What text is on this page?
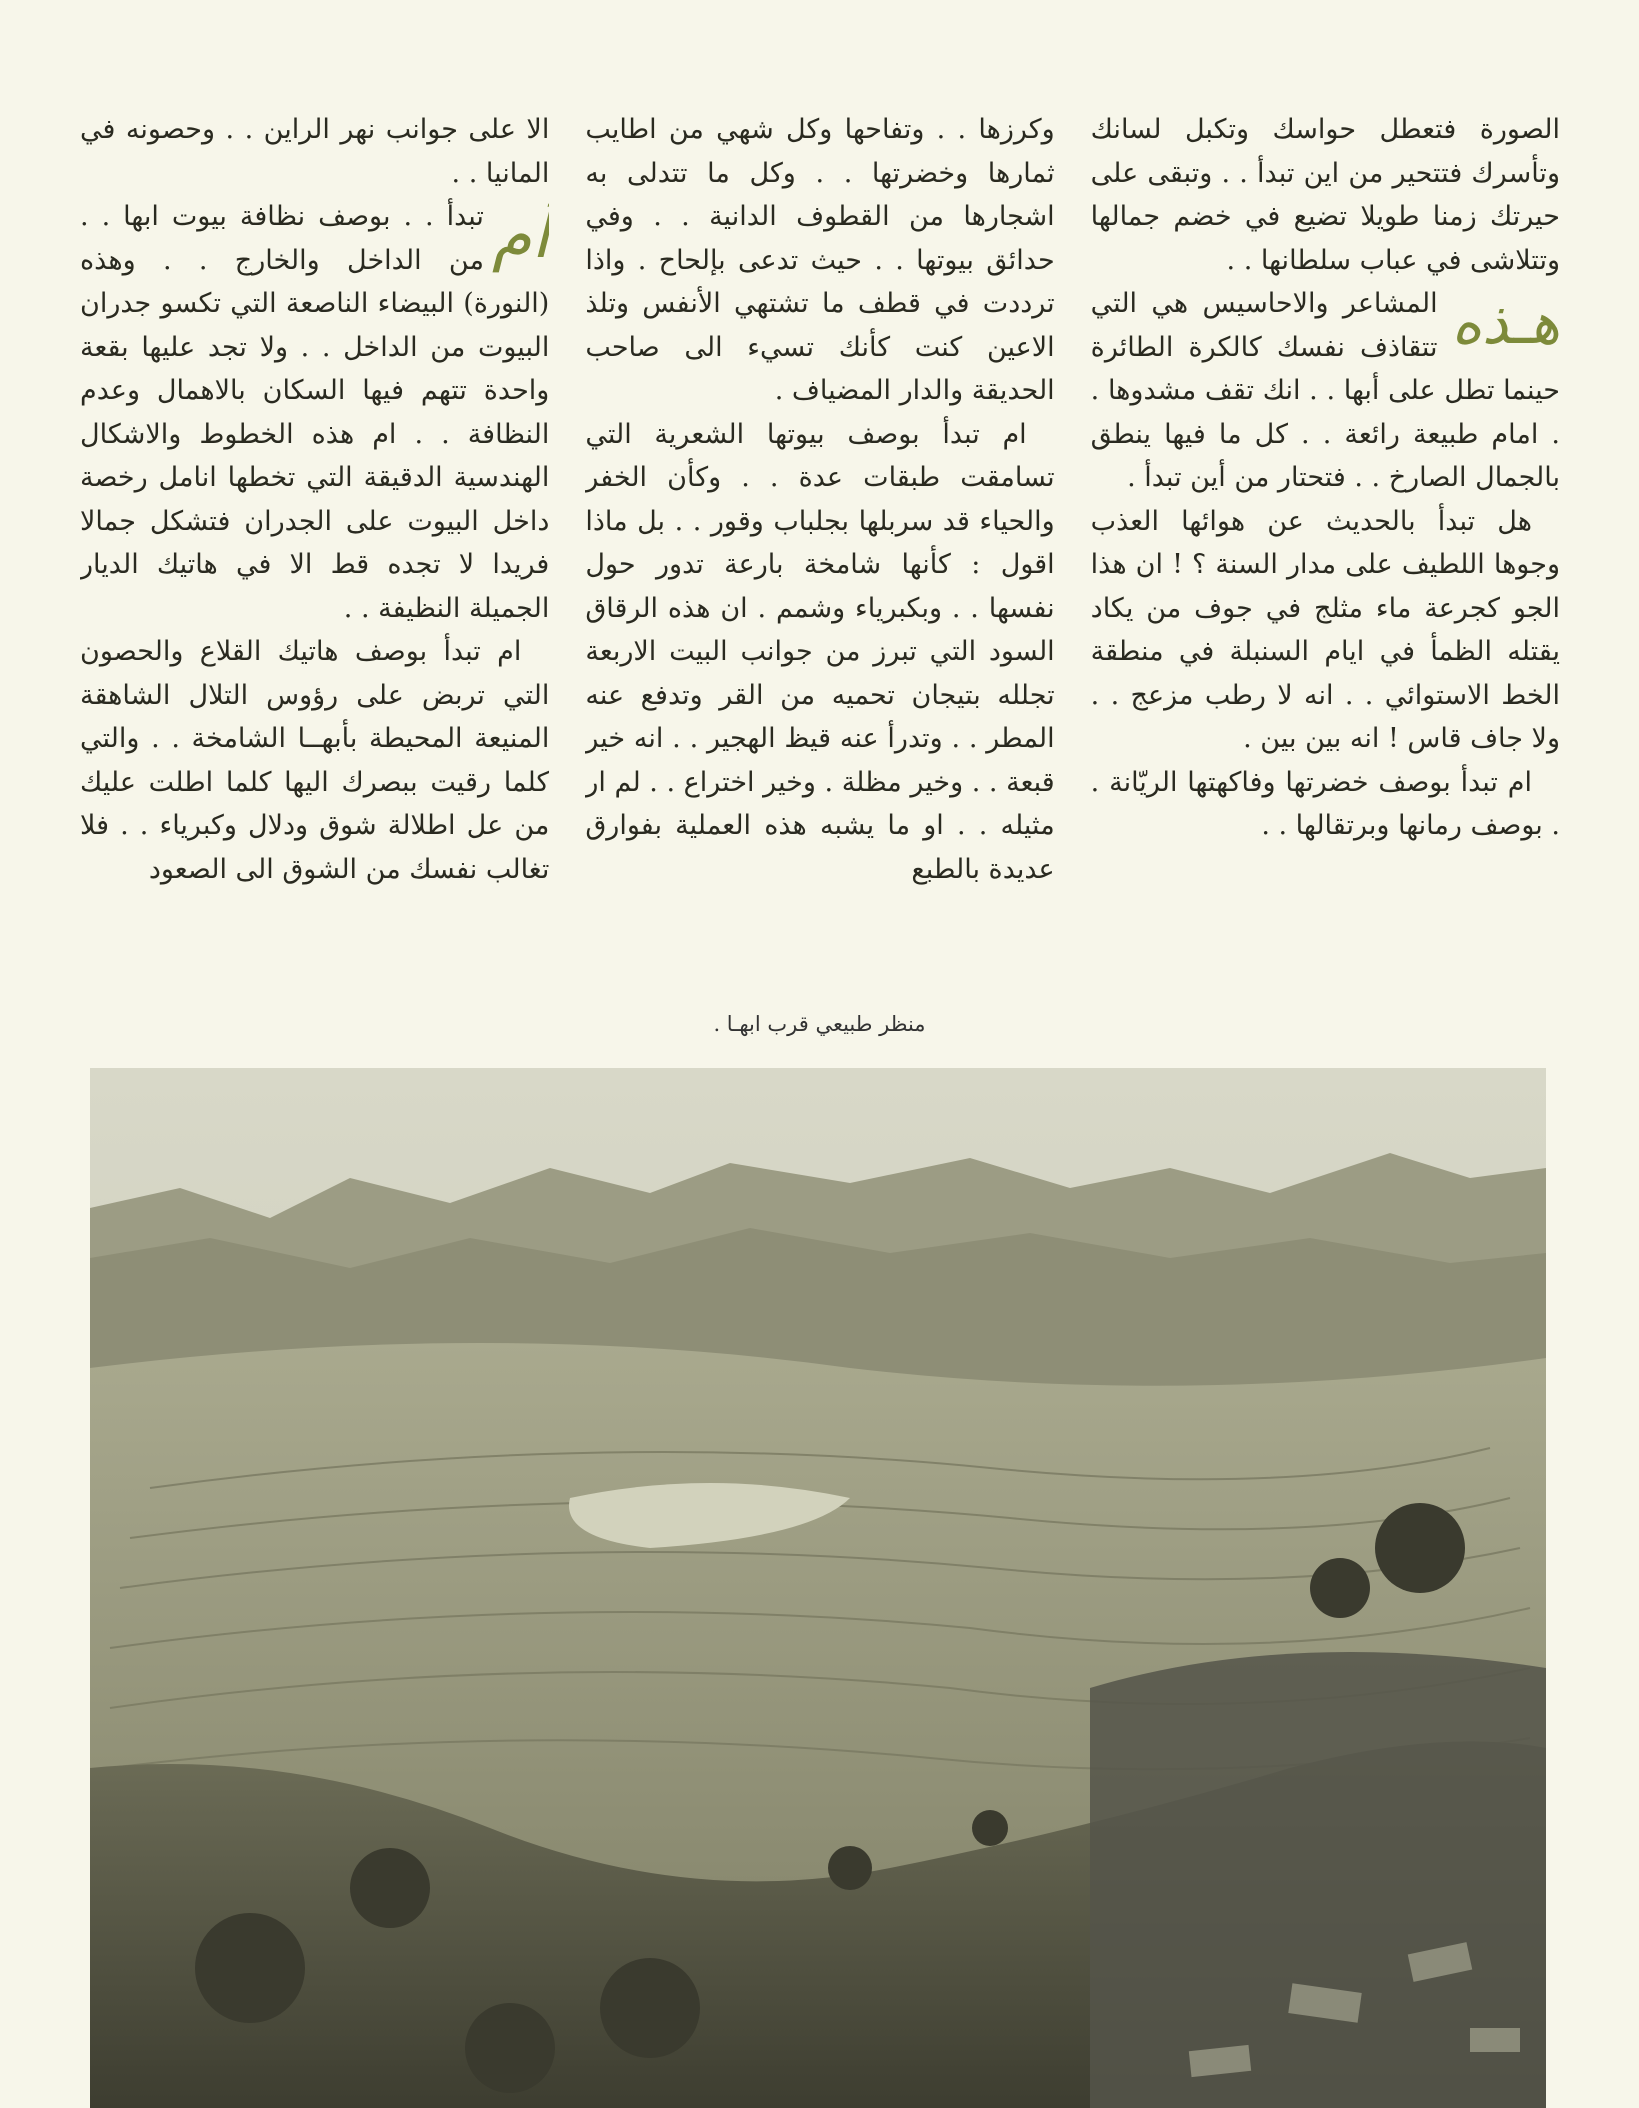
الصورة فتعطل حواسك وتكبل لسانك وتأسرك فتتحير من اين تبدأ . . وتبقى على حيرتك زمنا طويلا تضيع في خضم جمالها وتتلاشى في عباب سلطانها . .

هـذه
المشاعر والاحاسيس هي التي تتقاذف نفسك كالكرة الطائرة حينما تطل على أبها . . انك تقف مشدوها . . امام طبيعة رائعة . . كل ما فيها ينطق بالجمال الصارخ . . فتحتار من أين تبدأ .

هل تبدأ بالحديث عن هوائها العذب وجوها اللطيف على مدار السنة ؟ ! ان هذا الجو كجرعة ماء مثلج في جوف من يكاد يقتله الظمأ في ايام السنبلة في منطقة الخط الاستوائي . . انه لا رطب مزعج . . ولا جاف قاس ! انه بين بين .

ام تبدأ بوصف خضرتها وفاكهتها الريّانة . . بوصف رمانها وبرتقالها . .

وكرزها . . وتفاحها وكل شهي من اطايب ثمارها وخضرتها . . وكل ما تتدلى به اشجارها من القطوف الدانية . . وفي حدائق بيوتها . . حيث تدعى بإلحاح . واذا ترددت في قطف ما تشتهي الأنفس وتلذ الاعين كنت كأنك تسيء الى صاحب الحديقة والدار المضياف .

ام تبدأ بوصف بيوتها الشعرية التي تسامقت طبقات عدة . . وكأن الخفر والحياء قد سربلها بجلباب وقور . . بل ماذا اقول : كأنها شامخة بارعة تدور حول نفسها . . وبكبرياء وشمم . ان هذه الرقاق السود التي تبرز من جوانب البيت الاربعة تجلله بتيجان تحميه من القر وتدفع عنه المطر . . وتدرأ عنه قيظ الهجير . . انه خير قبعة . . وخير مظلة . وخير اختراع . . لم ار مثيله . . او ما يشبه هذه العملية بفوارق عديدة بالطبع

الا على جوانب نهر الراين . . وحصونه في المانيا . .

أم
تبدأ . . بوصف نظافة بيوت ابها . . من الداخل والخارج . . وهذه (النورة) البيضاء الناصعة التي تكسو جدران البيوت من الداخل . . ولا تجد عليها بقعة واحدة تتهم فيها السكان بالاهمال وعدم النظافة . . ام هذه الخطوط والاشكال الهندسية الدقيقة التي تخطها انامل رخصة داخل البيوت على الجدران فتشكل جمالا فريدا لا تجده قط الا في هاتيك الديار الجميلة النظيفة . .

ام تبدأ بوصف هاتيك القلاع والحصون التي تربض على رؤوس التلال الشاهقة المنيعة المحيطة بأبهــا الشامخة . . والتي كلما رقيت ببصرك اليها كلما اطلت عليك من عل اطلالة شوق ودلال وكبرياء . . فلا تغالب نفسك من الشوق الى الصعود

منظر طبيعي قرب ابهـا .
